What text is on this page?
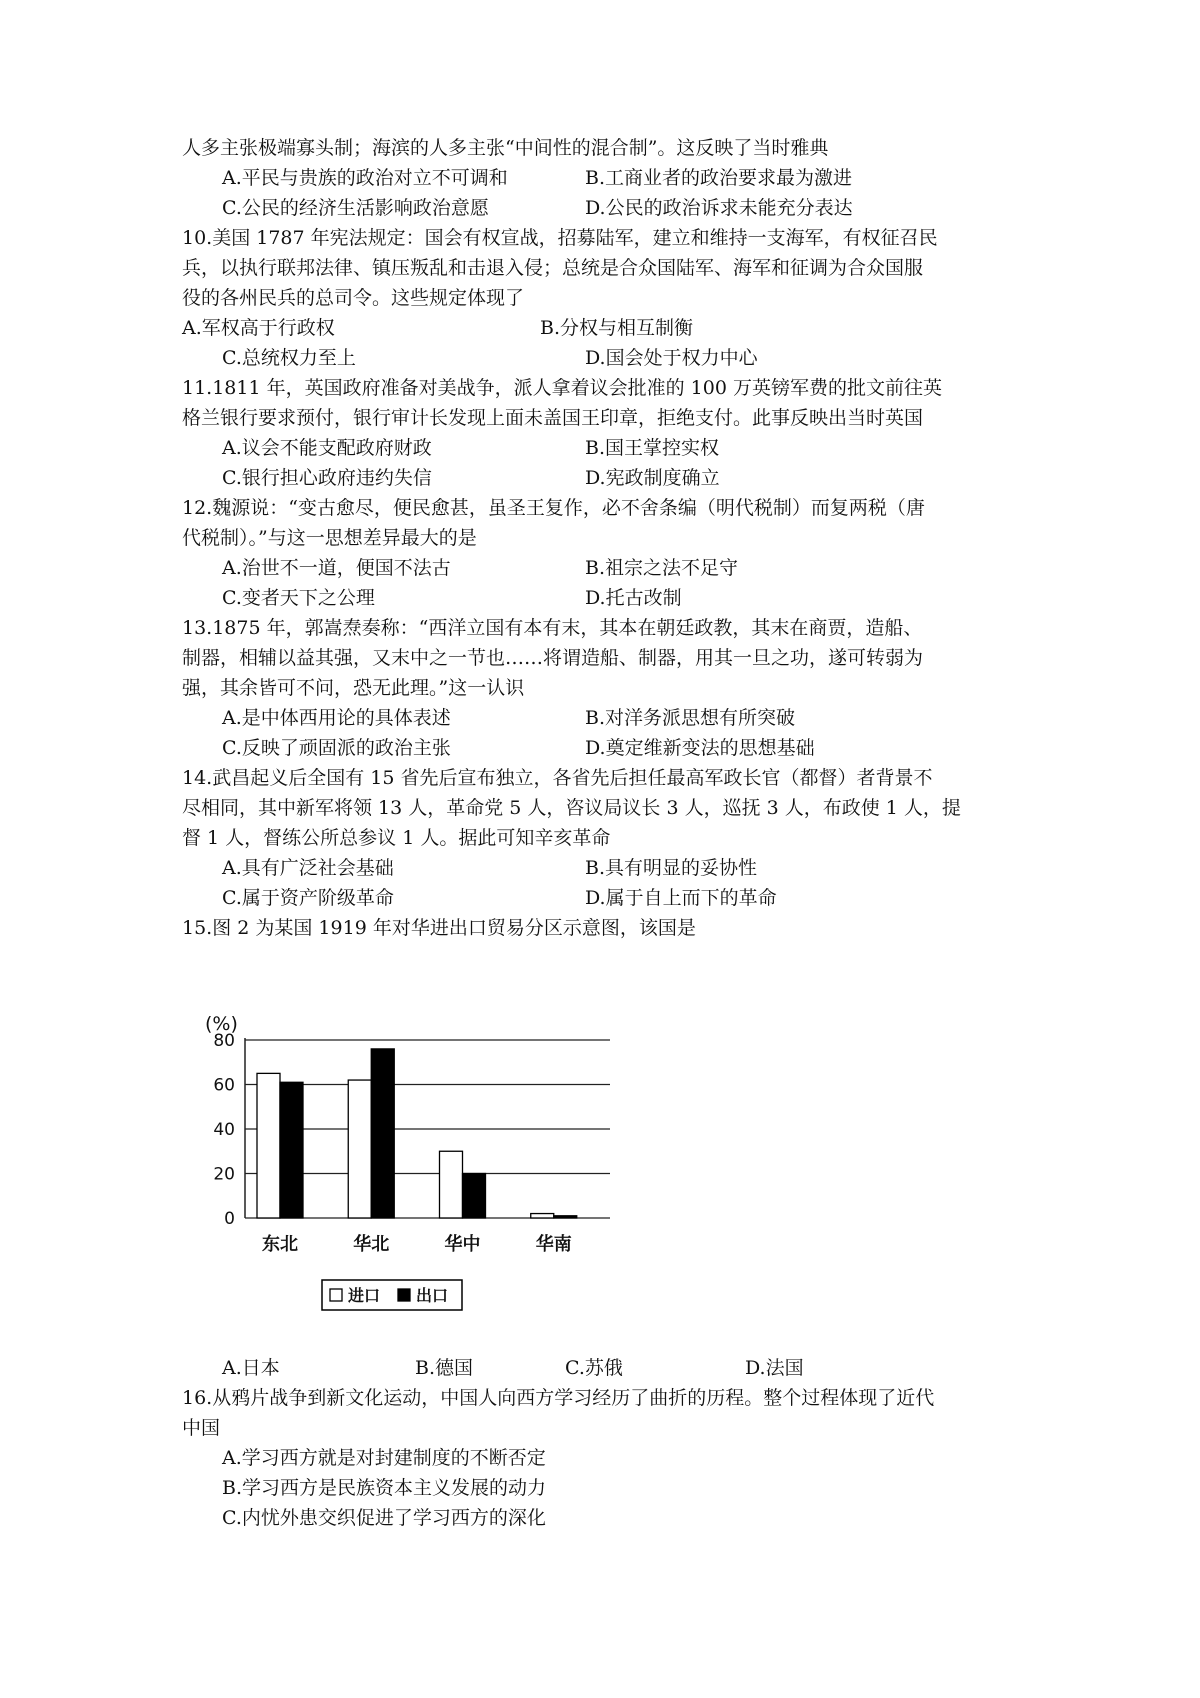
人多主张极端寡头制；海滨的人多主张“中间性的混合制”。这反映了当时雅典
A.平民与贵族的政治对立不可调和	B.工商业者的政治要求最为激进
C.公民的经济生活影响政治意愿	D.公民的政治诉求未能充分表达
10.美国 1787 年宪法规定：国会有权宣战，招募陆军，建立和维持一支海军，有权征召民
兵，以执行联邦法律、镇压叛乱和击退入侵；总统是合众国陆军、海军和征调为合众国服
役的各州民兵的总司令。这些规定体现了
A.军权高于行政权	B.分权与相互制衡
C.总统权力至上	D.国会处于权力中心
11.1811 年，英国政府准备对美战争，派人拿着议会批准的 100 万英镑军费的批文前往英
格兰银行要求预付，银行审计长发现上面未盖国王印章，拒绝支付。此事反映出当时英国
A.议会不能支配政府财政	B.国王掌控实权
C.银行担心政府违约失信	D.宪政制度确立
12.魏源说：“变古愈尽，便民愈甚，虽圣王复作，必不舍条编（明代税制）而复两税（唐
代税制）。”与这一思想差异最大的是
A.治世不一道，便国不法古	B.祖宗之法不足守
C.变者天下之公理	D.托古改制
13.1875 年，郭嵩焘奏称：“西洋立国有本有末，其本在朝廷政教，其末在商贾，造船、
制器，相辅以益其强，又末中之一节也……将谓造船、制器，用其一旦之功，遂可转弱为
强，其余皆可不问，恐无此理。”这一认识
A.是中体西用论的具体表述	B.对洋务派思想有所突破
C.反映了顽固派的政治主张	D.奠定维新变法的思想基础
14.武昌起义后全国有 15 省先后宣布独立，各省先后担任最高军政长官（都督）者背景不
尽相同，其中新军将领 13 人，革命党 5 人，咨议局议长 3 人，巡抚 3 人，布政使 1 人，提
督 1 人，督练公所总参议 1 人。据此可知辛亥革命
A.具有广泛社会基础	B.具有明显的妥协性
C.属于资产阶级革命	D.属于自上而下的革命
15.图 2 为某国 1919 年对华进出口贸易分区示意图，该国是
0
20
40
60
80
东北	华北	华中	华南
(%)
进口 出口
A.日本	B.德国	C.苏俄	D.法国
16.从鸦片战争到新文化运动，中国人向西方学习经历了曲折的历程。整个过程体现了近代
中国
A.学习西方就是对封建制度的不断否定
B.学习西方是民族资本主义发展的动力
C.内忧外患交织促进了学习西方的深化
